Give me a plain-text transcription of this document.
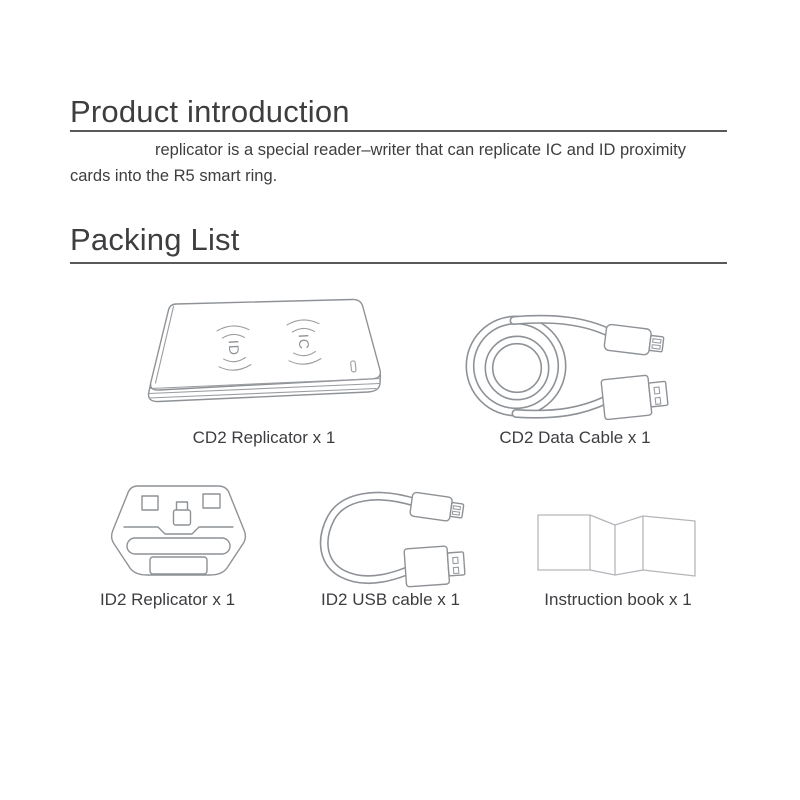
Product introduction
replicator is a special reader–writer that can replicate IC and ID proximity
cards into the R5 smart ring.
Packing List
ID	IC
CD2 Replicator x 1	CD2 Data Cable x 1
ID2 Replicator x 1	ID2 USB cable x 1	Instruction book x 1
